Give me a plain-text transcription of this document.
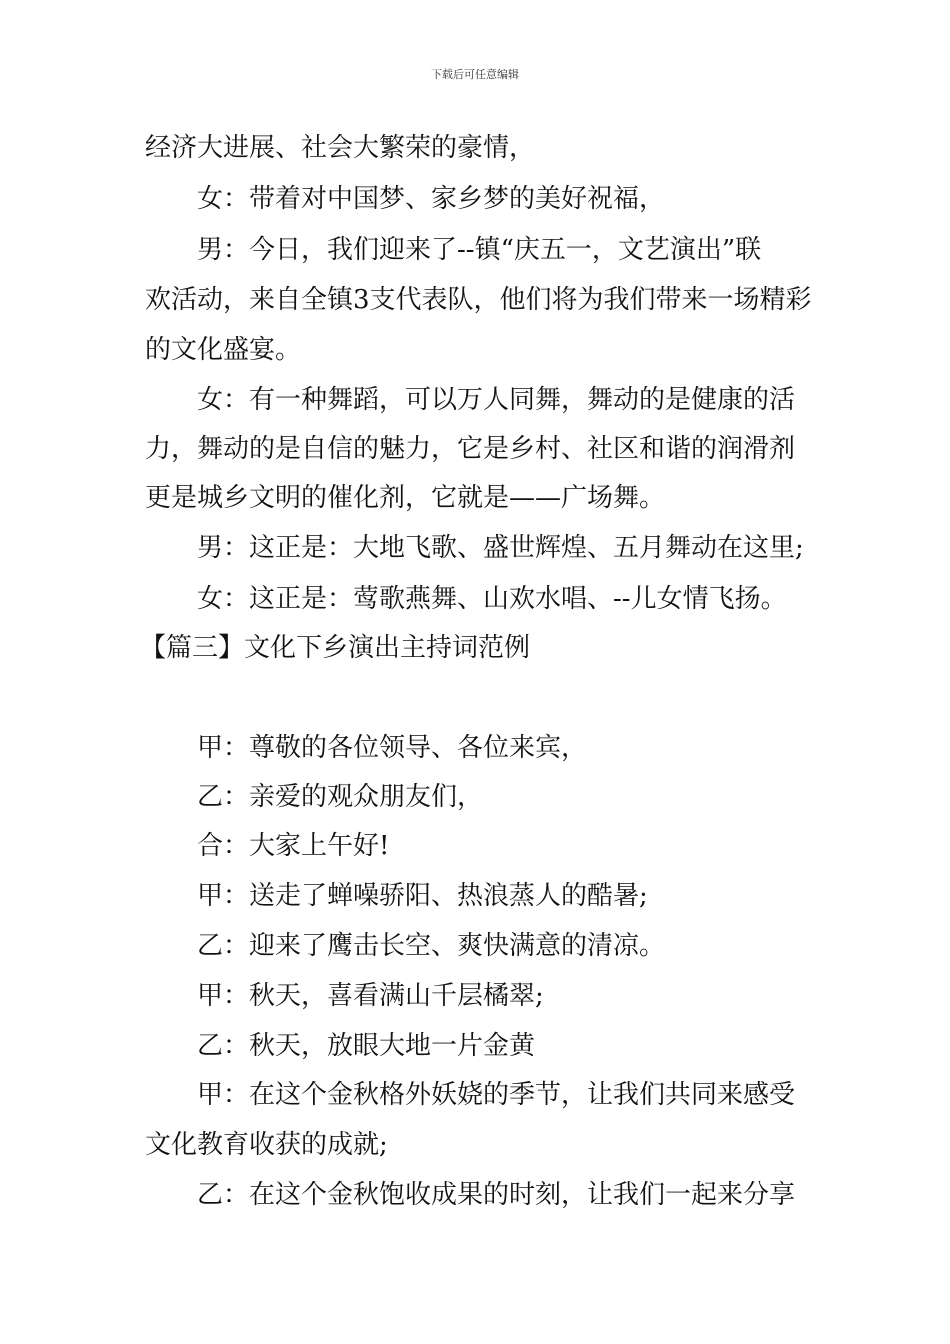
下载后可任意编辑
经济大进展、社会大繁荣的豪情，
女：带着对中国梦、家乡梦的美好祝福，
男：今日，我们迎来了--镇“庆五一，文艺演出”联
欢活动，来自全镇3支代表队，他们将为我们带来一场精彩
的文化盛宴。
女：有一种舞蹈，可以万人同舞，舞动的是健康的活
力，舞动的是自信的魅力，它是乡村、社区和谐的润滑剂
更是城乡文明的催化剂，它就是——广场舞。
男：这正是：大地飞歌、盛世辉煌、五月舞动在这里;
女：这正是：莺歌燕舞、山欢水唱、--儿女情飞扬。
【篇三】文化下乡演出主持词范例
甲：尊敬的各位领导、各位来宾，
乙：亲爱的观众朋友们，
合：大家上午好!
甲：送走了蝉噪骄阳、热浪蒸人的酷暑;
乙：迎来了鹰击长空、爽快满意的清凉。
甲：秋天，喜看满山千层橘翠;
乙：秋天，放眼大地一片金黄
甲：在这个金秋格外妖娆的季节，让我们共同来感受
文化教育收获的成就;
乙：在这个金秋饱收成果的时刻，让我们一起来分享
